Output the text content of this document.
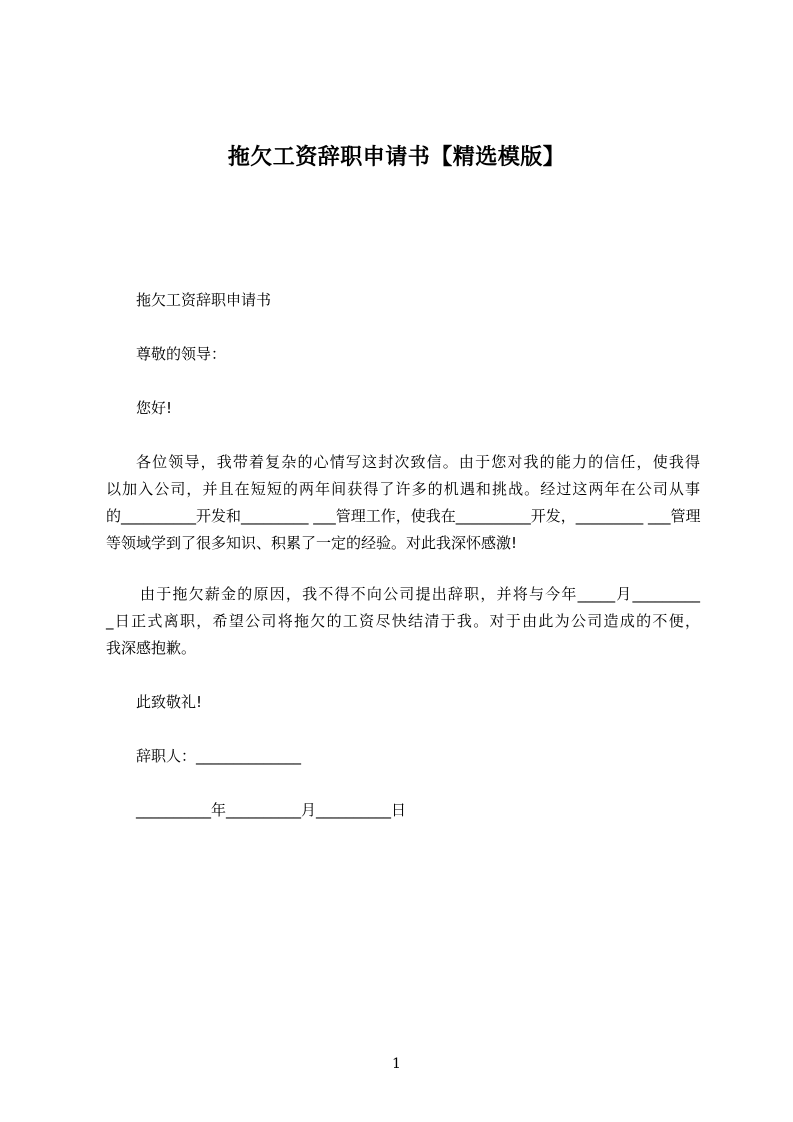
拖欠工资辞职申请书【精选模版】
拖欠工资辞职申请书
尊敬的领导：
您好!
各位领导，我带着复杂的心情写这封次致信。由于您对我的能力的信任，使我得
以加入公司，并且在短短的两年间获得了许多的机遇和挑战。经过这两年在公司从事
的__________开发和_________ ___管理工作，使我在__________开发，_________ ___管理
等领域学到了很多知识、积累了一定的经验。对此我深怀感激!
由于拖欠薪金的原因，我不得不向公司提出辞职，并将与今年_____月_________
_日正式离职，希望公司将拖欠的工资尽快结清于我。对于由此为公司造成的不便，
我深感抱歉。
此致敬礼!
辞职人：______________
__________年__________月__________日
1
